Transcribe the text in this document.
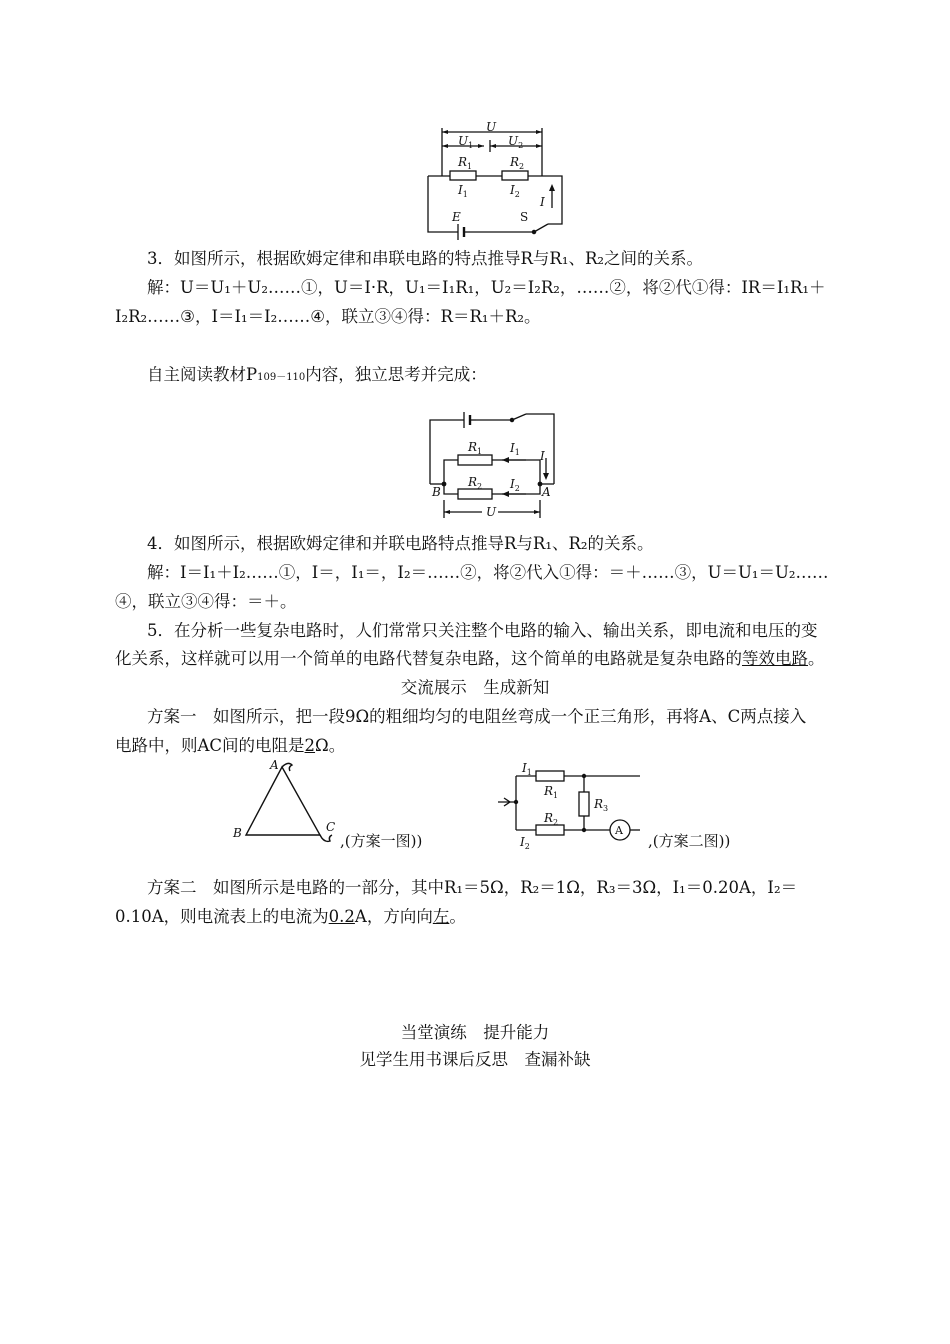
U
$U_1$	$U_2$
$R_1$	$R_2$
$I_1$	$I_2$
I
E	S
3．如图所示，根据欧姆定律和串联电路的特点推导R与R₁、R₂之间的关系。
解：U＝U₁＋U₂……①，U＝I·R，U₁＝I₁R₁，U₂＝I₂R₂，……②，将②代①得：IR＝I₁R₁＋
I₂R₂……③，I＝I₁＝I₂……④，联立③④得：R＝R₁＋R₂。
自主阅读教材P109－110内容，独立思考并完成：
$R_1$
$R_2$
$I_1$
$I_2$
I
A
B
U
4．如图所示，根据欧姆定律和并联电路特点推导R与R₁、R₂的关系。
解：I＝I₁＋I₂……①，I＝，I₁＝，I₂＝……②，将②代入①得：＝＋……③，U＝U₁＝U₂……
④，联立③④得：＝＋。
5．在分析一些复杂电路时，人们常常只关注整个电路的输入、输出关系，即电流和电压的变
化关系，这样就可以用一个简单的电路代替复杂电路，这个简单的电路就是复杂电路的等效电路。
交流展示　生成新知
方案一　如图所示，把一段9Ω的粗细均匀的电阻丝弯成一个正三角形，再将A、C两点接入
电路中，则AC间的电阻是2Ω。
A
B	C
,(方案一图))
$I_1$
$R_1$
$R_3$
$R_2$
$I_2$
A
,(方案二图))
方案二　如图所示是电路的一部分，其中R₁＝5Ω，R₂＝1Ω，R₃＝3Ω，I₁＝0.20A，I₂＝
0.10A，则电流表上的电流为0.2A，方向向左。
当堂演练　提升能力
见学生用书课后反思　查漏补缺
